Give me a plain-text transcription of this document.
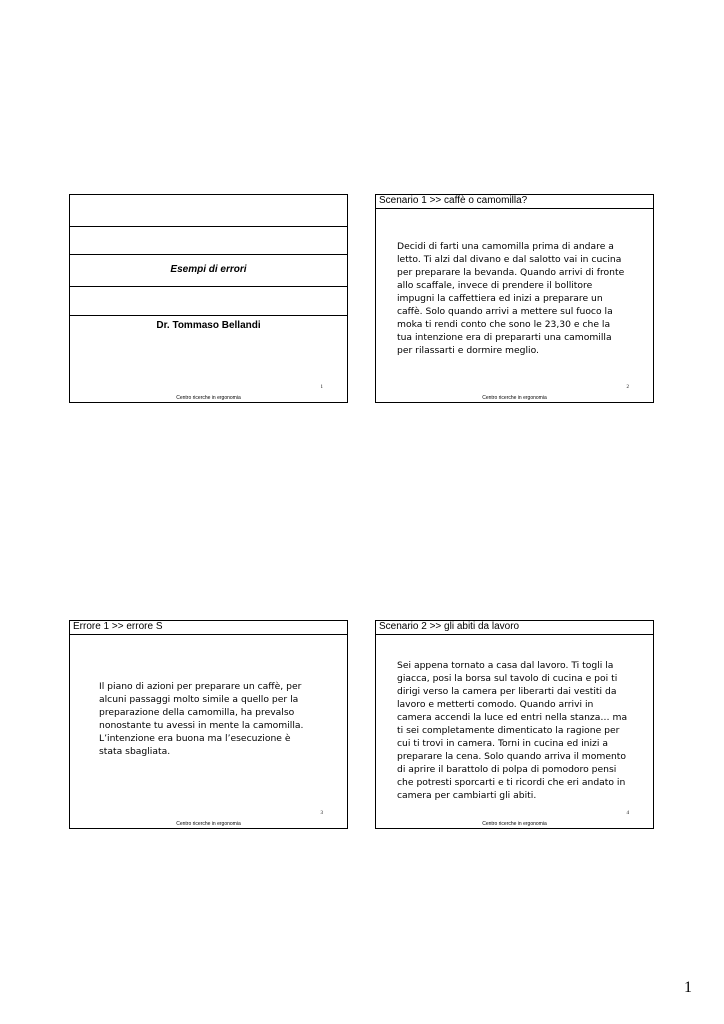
Esempi di errori
Dr. Tommaso Bellandi
1
Centro ricerche in ergonomia
Scenario 1 >> caffè o camomilla?
Decidi di farti una camomilla prima di andare a
letto. Ti alzi dal divano e dal salotto vai in cucina
per preparare la bevanda. Quando arrivi di fronte
allo scaffale, invece di prendere il bollitore
impugni la caffettiera ed inizi a preparare un
caffè. Solo quando arrivi a mettere sul fuoco la
moka ti rendi conto che sono le 23,30 e che la
tua intenzione era di prepararti una camomilla
per rilassarti e dormire meglio.
2
Centro ricerche in ergonomia
Errore 1 >> errore S
Il piano di azioni per preparare un caffè, per
alcuni passaggi molto simile a quello per la
preparazione della camomilla, ha prevalso
nonostante tu avessi in mente la camomilla.
L’intenzione era buona ma l’esecuzione è
stata sbagliata.
3
Centro ricerche in ergonomia
Scenario 2 >> gli abiti da lavoro
Sei appena tornato a casa dal lavoro. Ti togli la
giacca, posi la borsa sul tavolo di cucina e poi ti
dirigi verso la camera per liberarti dai vestiti da
lavoro e metterti comodo. Quando arrivi in
camera accendi la luce ed entri nella stanza… ma
ti sei completamente dimenticato la ragione per
cui ti trovi in camera. Torni in cucina ed inizi a
preparare la cena. Solo quando arriva il momento
di aprire il barattolo di polpa di pomodoro pensi
che potresti sporcarti e ti ricordi che eri andato in
camera per cambiarti gli abiti.
4
Centro ricerche in ergonomia
1
